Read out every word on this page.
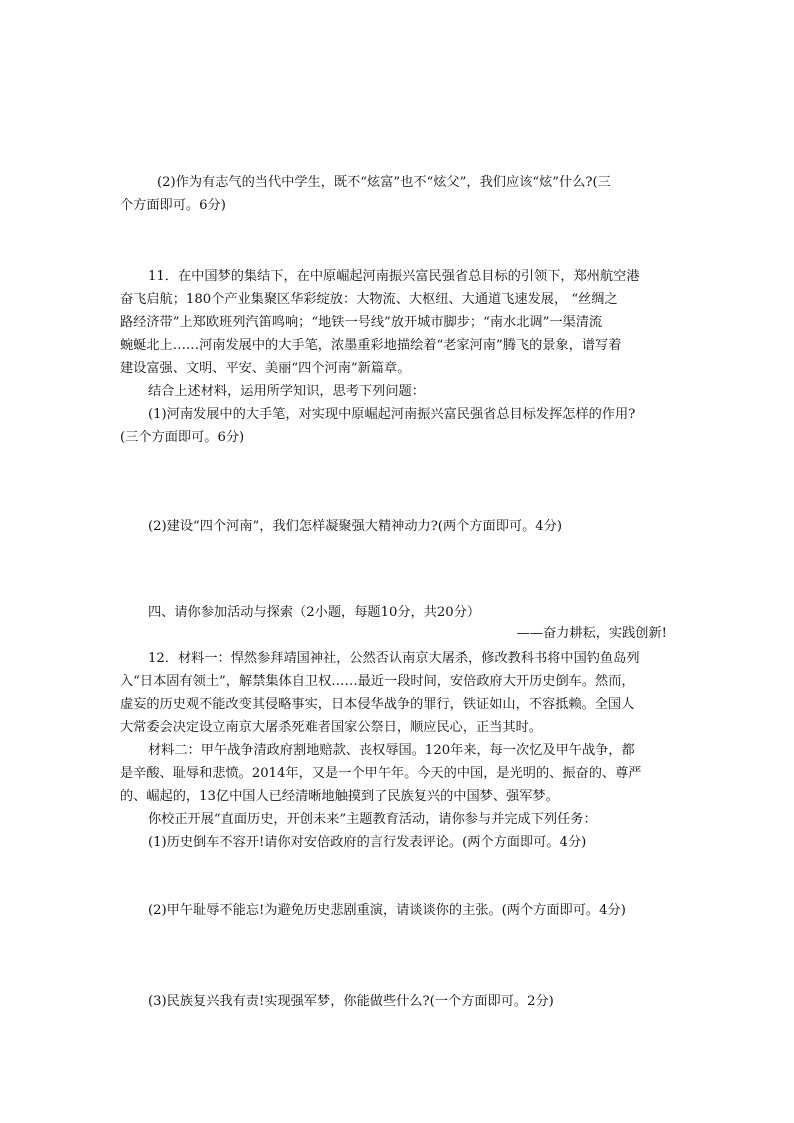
(2)作为有志气的当代中学生，既不“炫富”也不“炫父”，我们应该“炫”什么?(三
个方面即可。6分)
11．在中国梦的集结下，在中原崛起河南振兴富民强省总目标的引领下，郑州航空港
奋飞启航；180个产业集聚区华彩绽放：大物流、大枢纽、大通道飞速发展， “丝绸之
路经济带”上郑欧班列汽笛鸣响；“地铁一号线”放开城市脚步；“南水北调”一渠清流
蜿蜒北上……河南发展中的大手笔，浓墨重彩地描绘着“老家河南”腾飞的景象，谱写着
建设富强、文明、平安、美丽“四个河南”新篇章。
结合上述材料，运用所学知识，思考下列问题：
(1)河南发展中的大手笔，对实现中原崛起河南振兴富民强省总目标发挥怎样的作用?
(三个方面即可。6分)
(2)建设“四个河南”，我们怎样凝聚强大精神动力?(两个方面即可。4分)
四、请你参加活动与探索（2小题，每题10分，共20分）
——奋力耕耘，实践创新!
12．材料一：悍然参拜靖国神社，公然否认南京大屠杀，修改教科书将中国钓鱼岛列
入“日本固有领土”，解禁集体自卫权……最近一段时间，安倍政府大开历史倒车。然而，
虚妄的历史观不能改变其侵略事实，日本侵华战争的罪行，铁证如山，不容抵赖。全国人
大常委会决定设立南京大屠杀死难者国家公祭日，顺应民心，正当其时。
材料二：甲午战争清政府割地赔款、丧权辱国。120年来，每一次忆及甲午战争，都
是辛酸、耻辱和悲愤。2014年，又是一个甲午年。今天的中国，是光明的、振奋的、尊严
的、崛起的，13亿中国人已经清晰地触摸到了民族复兴的中国梦、强军梦。
你校正开展“直面历史，开创未来”主题教育活动，请你参与并完成下列任务：
(1)历史倒车不容开!请你对安倍政府的言行发表评论。(两个方面即可。4分)
(2)甲午耻辱不能忘!为避免历史悲剧重演，请谈谈你的主张。(两个方面即可。4分)
(3)民族复兴我有责!实现强军梦，你能做些什么?(一个方面即可。2分)
